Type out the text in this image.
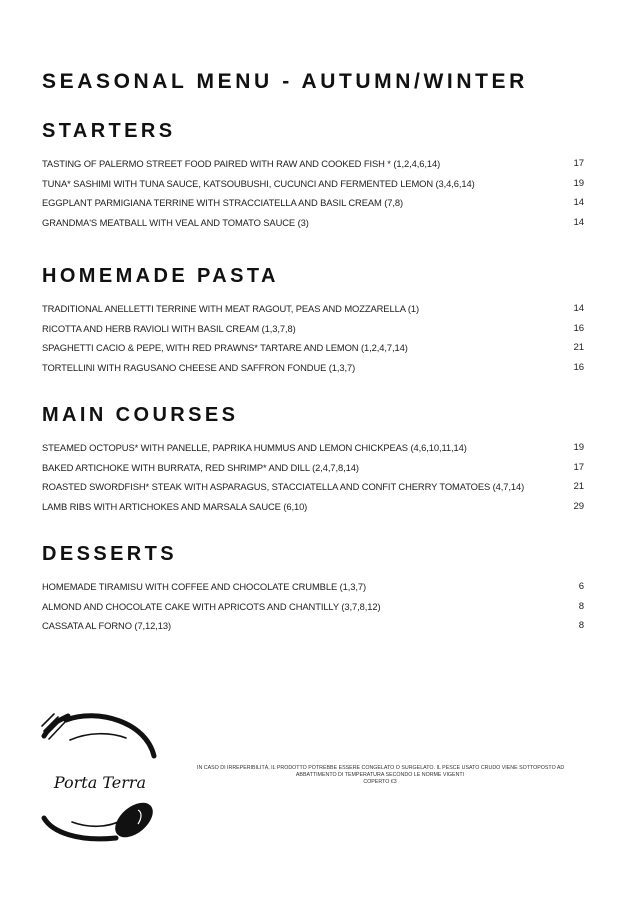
SEASONAL MENU - AUTUMN/WINTER
STARTERS
TASTING OF PALERMO STREET FOOD PAIRED WITH RAW AND COOKED FISH * (1,2,4,6,14)	17
TUNA* SASHIMI WITH TUNA SAUCE, KATSOUBUSHI, CUCUNCI AND FERMENTED LEMON (3,4,6,14)	19
EGGPLANT PARMIGIANA TERRINE WITH STRACCIATELLA AND BASIL CREAM (7,8)	14
GRANDMA'S MEATBALL WITH VEAL AND TOMATO SAUCE (3)	14
HOMEMADE PASTA
TRADITIONAL ANELLETTI TERRINE WITH MEAT RAGOUT, PEAS AND MOZZARELLA (1)	14
RICOTTA AND HERB RAVIOLI WITH BASIL CREAM (1,3,7,8)	16
SPAGHETTI CACIO & PEPE, WITH RED PRAWNS* TARTARE AND LEMON (1,2,4,7,14)	21
TORTELLINI WITH RAGUSANO CHEESE AND SAFFRON FONDUE (1,3,7)	16
MAIN COURSES
STEAMED OCTOPUS* WITH PANELLE, PAPRIKA HUMMUS AND LEMON CHICKPEAS (4,6,10,11,14)	19
BAKED ARTICHOKE WITH BURRATA, RED SHRIMP* AND DILL (2,4,7,8,14)	17
ROASTED SWORDFISH* STEAK WITH ASPARAGUS, STACCIATELLA AND CONFIT CHERRY TOMATOES (4,7,14)	21
LAMB RIBS WITH ARTICHOKES AND MARSALA SAUCE (6,10)	29
DESSERTS
HOMEMADE TIRAMISU WITH COFFEE AND CHOCOLATE CRUMBLE (1,3,7)	6
ALMOND AND CHOCOLATE CAKE WITH APRICOTS AND CHANTILLY (3,7,8,12)	8
CASSATA AL FORNO (7,12,13)	8
Porta Terra
IN CASO DI IRREPERIBILITÀ, IL PRODOTTO POTREBBE ESSERE CONGELATO O SURGELATO. IL PESCE USATO CRUDO VIENE SOTTOPOSTO AD
ABBATTIMENTO DI TEMPERATURA SECONDO LE NORME VIGENTI
COPERTO €3
